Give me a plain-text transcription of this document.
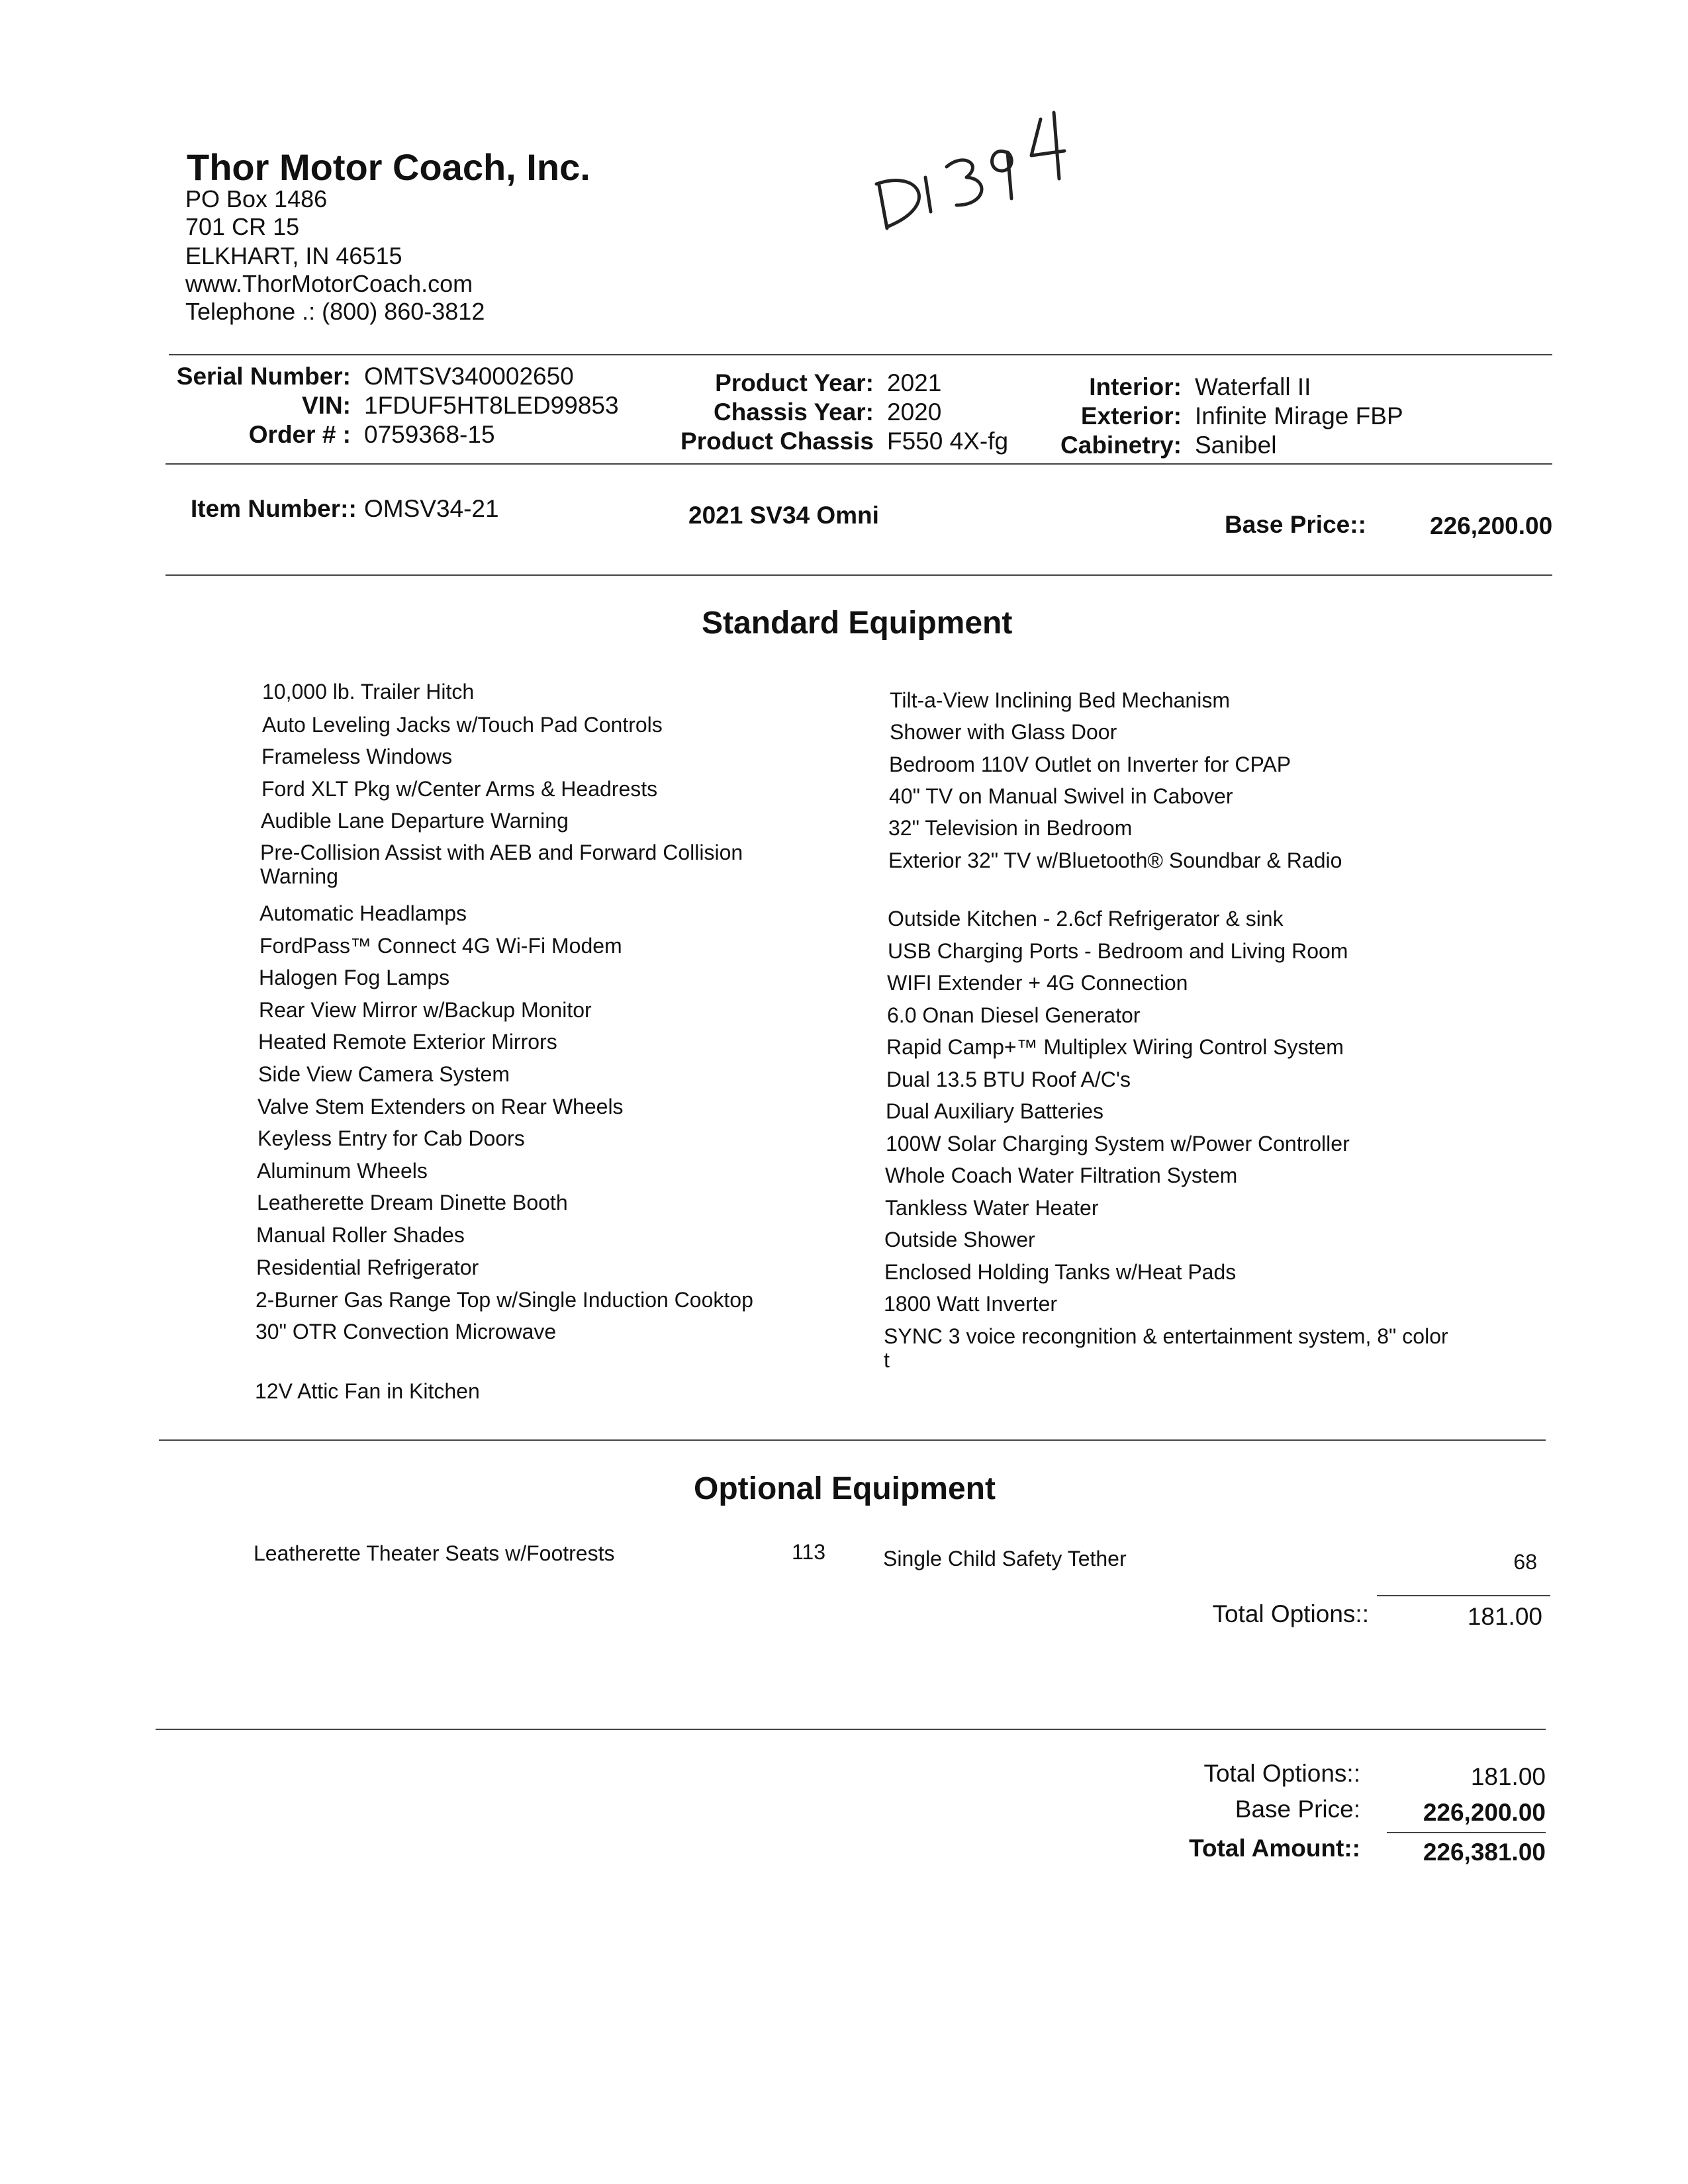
Thor Motor Coach, Inc.
PO Box 1486
701 CR 15
ELKHART, IN 46515
www.ThorMotorCoach.com
Telephone .: (800) 860-3812
Serial Number: OMTSV340002650
VIN: 1FDUF5HT8LED99853
Order # : 0759368-15
Product Year: 2021
Chassis Year: 2020
Product Chassis F550 4X-fg
Interior: Waterfall II
Exterior: Infinite Mirage FBP
Cabinetry: Sanibel
Item Number:: OMSV34-21	2021 SV34 Omni	Base Price::	226,200.00
Standard Equipment
10,000 lb. Trailer Hitch
Auto Leveling Jacks w/Touch Pad Controls
Frameless Windows
Ford XLT Pkg w/Center Arms & Headrests
Audible Lane Departure Warning
Pre-Collision Assist with AEB and Forward Collision Warning
Automatic Headlamps
FordPass™ Connect 4G Wi-Fi Modem
Halogen Fog Lamps
Rear View Mirror w/Backup Monitor
Heated Remote Exterior Mirrors
Side View Camera System
Valve Stem Extenders on Rear Wheels
Keyless Entry for Cab Doors
Aluminum Wheels
Leatherette Dream Dinette Booth
Manual Roller Shades
Residential Refrigerator
2-Burner Gas Range Top w/Single Induction Cooktop
30" OTR Convection Microwave
12V Attic Fan in Kitchen
Tilt-a-View Inclining Bed Mechanism
Shower with Glass Door
Bedroom 110V Outlet on Inverter for CPAP
40" TV on Manual Swivel in Cabover
32" Television in Bedroom
Exterior 32" TV w/Bluetooth® Soundbar & Radio
Outside Kitchen - 2.6cf Refrigerator & sink
USB Charging Ports - Bedroom and Living Room
WIFI Extender + 4G Connection
6.0 Onan Diesel Generator
Rapid Camp+™ Multiplex Wiring Control System
Dual 13.5 BTU Roof A/C's
Dual Auxiliary Batteries
100W Solar Charging System w/Power Controller
Whole Coach Water Filtration System
Tankless Water Heater
Outside Shower
Enclosed Holding Tanks w/Heat Pads
1800 Watt Inverter
SYNC 3 voice recongnition & entertainment system, 8" color t
Optional Equipment
Leatherette Theater Seats w/Footrests	113	Single Child Safety Tether	68
Total Options::	181.00
Total Options::	181.00
Base Price:	226,200.00
Total Amount::	226,381.00
